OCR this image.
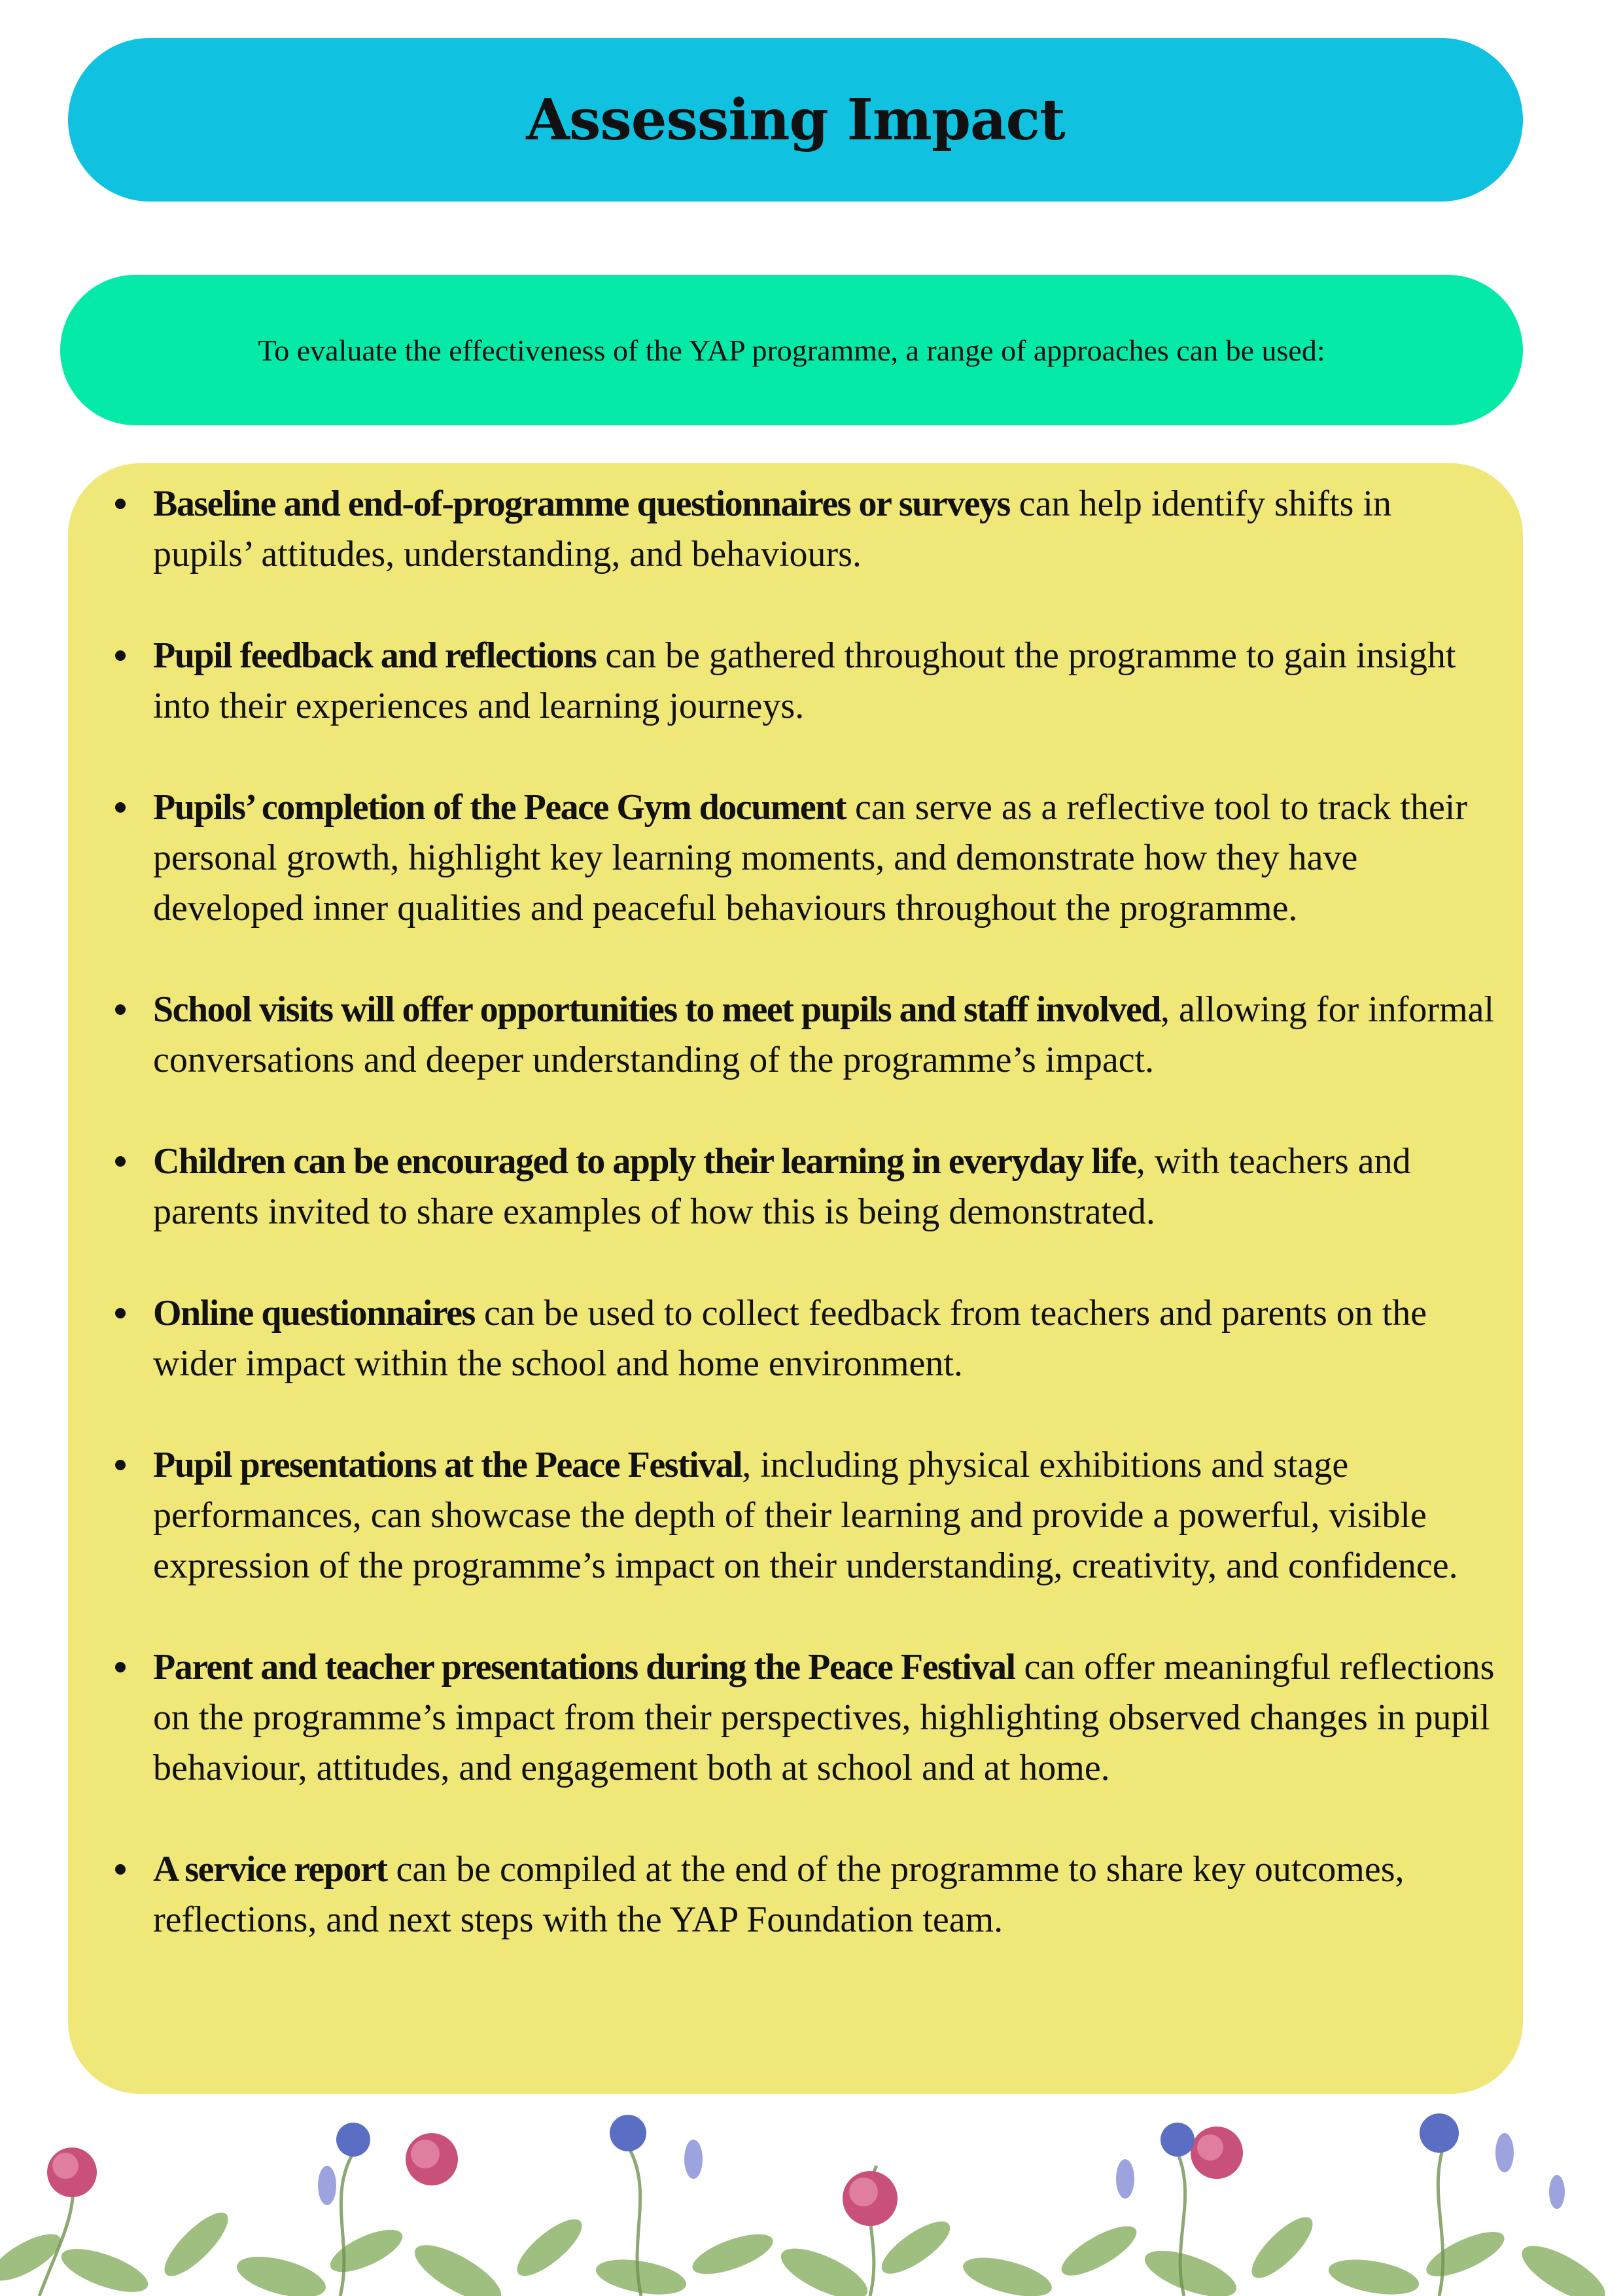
Assessing Impact

To evaluate the effectiveness of the YAP programme, a range of approaches can be used:

Baseline and end-of-programme questionnaires or surveys can help identify shifts in pupils’ attitudes, understanding, and behaviours.
Pupil feedback and reflections can be gathered throughout the programme to gain insight into their experiences and learning journeys.
Pupils’ completion of the Peace Gym document can serve as a reflective tool to track their personal growth, highlight key learning moments, and demonstrate how they have developed inner qualities and peaceful behaviours throughout the programme.
School visits will offer opportunities to meet pupils and staff involved, allowing for informal conversations and deeper understanding of the programme’s impact.
Children can be encouraged to apply their learning in everyday life, with teachers and parents invited to share examples of how this is being demonstrated.
Online questionnaires can be used to collect feedback from teachers and parents on the wider impact within the school and home environment.
Pupil presentations at the Peace Festival, including physical exhibitions and stage performances, can showcase the depth of their learning and provide a powerful, visible expression of the programme’s impact on their understanding, creativity, and confidence.
Parent and teacher presentations during the Peace Festival can offer meaningful reflections on the programme’s impact from their perspectives, highlighting observed changes in pupil behaviour, attitudes, and engagement both at school and at home.
A service report can be compiled at the end of the programme to share key outcomes, reflections, and next steps with the YAP Foundation team.
